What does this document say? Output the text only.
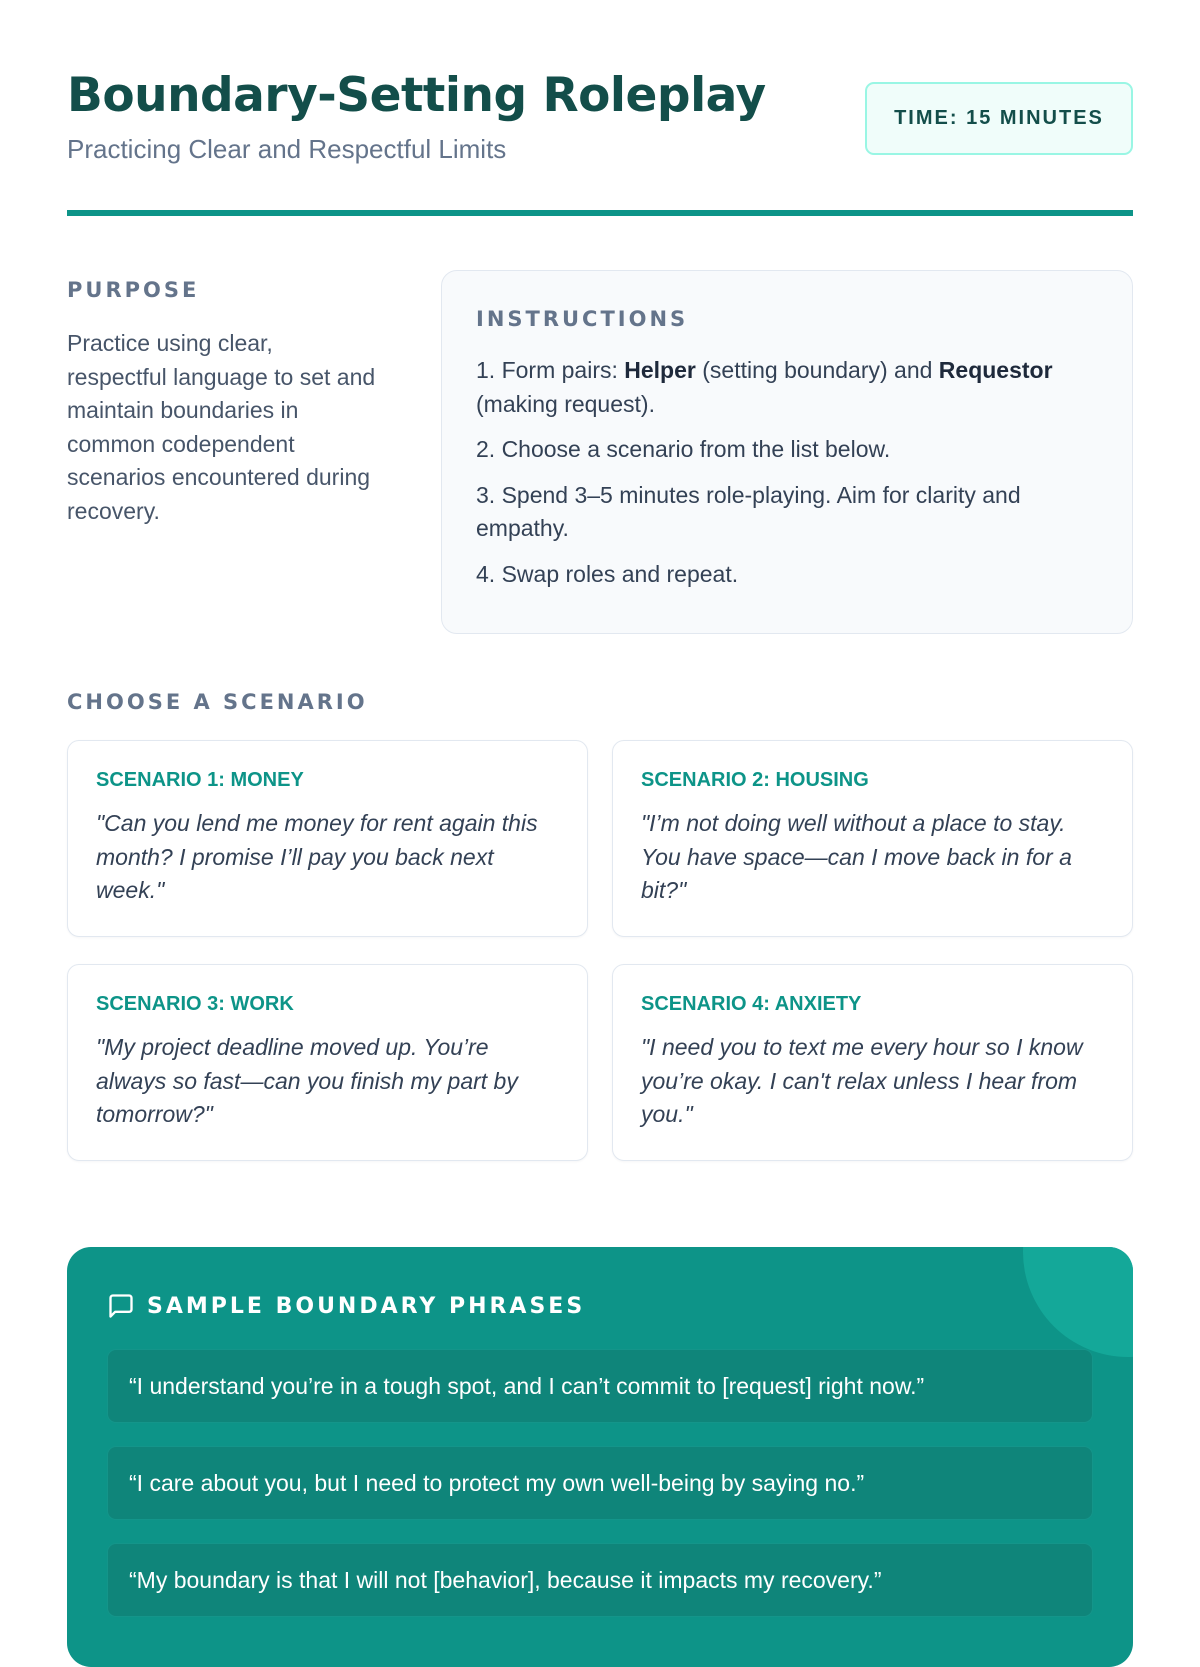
Boundary-Setting Roleplay
Practicing Clear and Respectful Limits
TIME: 15 MINUTES
PURPOSE

Practice using clear, respectful language to set and maintain boundaries in common codependent scenarios encountered during recovery.

INSTRUCTIONS

1. Form pairs: Helper (setting boundary) and Requestor (making request).

2. Choose a scenario from the list below.

3. Spend 3–5 minutes role-playing. Aim for clarity and empathy.

4. Swap roles and repeat.

CHOOSE A SCENARIO
SCENARIO 1: MONEY

"Can you lend me money for rent again this month? I promise I’ll pay you back next week."

SCENARIO 2: HOUSING

"I’m not doing well without a place to stay. You have space—can I move back in for a bit?"

SCENARIO 3: WORK

"My project deadline moved up. You’re always so fast—can you finish my part by tomorrow?"

SCENARIO 4: ANXIETY

"I need you to text me every hour so I know you’re okay. I can't relax unless I hear from you."

SAMPLE BOUNDARY PHRASES
“I understand you’re in a tough spot, and I can’t commit to [request] right now.”
“I care about you, but I need to protect my own well-being by saying no.”
“My boundary is that I will not [behavior], because it impacts my recovery.”
